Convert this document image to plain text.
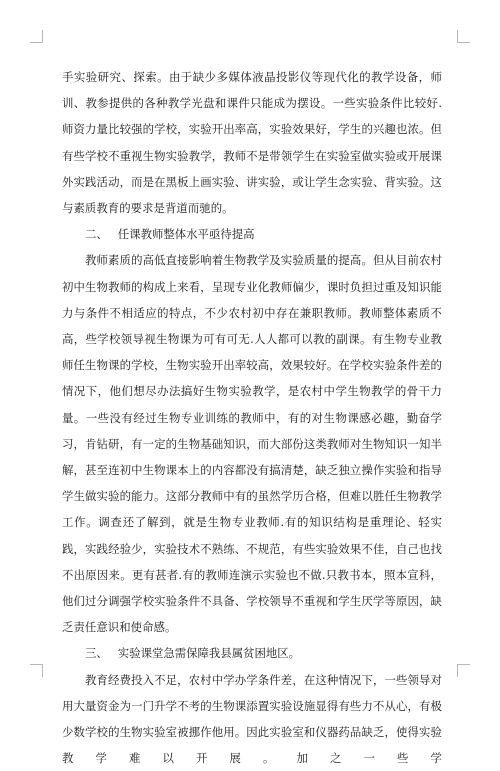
手实验研究、探索。由于缺少多媒体液晶投影仪等现代化的教学设备，师训、教参提供的各种教学光盘和课件只能成为摆设。一些实验条件比较好.师资力量比较强的学校，实验开出率高，实验效果好，学生的兴趣也浓。但有些学校不重视生物实验教学，教师不是带领学生在实验室做实验或开展课外实践活动，而是在黑板上画实验、讲实验，或让学生念实验、背实验。这与素质教育的要求是背道而驰的。

二、 任课教师整体水平亟待提高

教师素质的高低直接影响着生物教学及实验质量的提高。但从目前农村初中生物教师的构成上来看，呈现专业化教师偏少，课时负担过重及知识能力与条件不相适应的特点，不少农村初中存在兼职教师。教师整体素质不高，些学校领导视生物课为可有可无.人人都可以教的副课。有生物专业教师任生物课的学校，生物实验开出率较高，效果较好。在学校实验条件差的情况下，他们想尽办法搞好生物实验教学，是农村中学生物教学的骨干力量。一些没有经过生物专业训练的教师中，有的对生物课感必趣，勤奋学习，肯钻研，有一定的生物基础知识，而大部份这类教师对生物知识一知半解，甚至连初中生物课本上的内容都没有搞清楚，缺乏独立操作实验和指导学生做实验的能力。这部分教师中有的虽然学历合格，但难以胜任生物教学工作。调查还了解到，就是生物专业教师.有的知识结构是重理论、轻实践，实践经验少，实验技术不熟练、不规范，有些实验效果不佳，自己也找不出原因来。更有甚者.有的教师连演示实验也不做.只教书本，照本宣科，他们过分调强学校实验条件不具备、学校领导不重视和学生厌学等原因，缺乏责任意识和使命感。

三、 实验课堂急需保障我县属贫困地区。

教育经费投入不足，农村中学办学条件差，在这种情况下，一些领导对用大量资金为一门升学不考的生物课添置实验设施显得有些力不从心，有极少数学校的生物实验室被挪作他用。因此实验室和仪器药品缺乏，使得实验教学难以开展。加之一些学
